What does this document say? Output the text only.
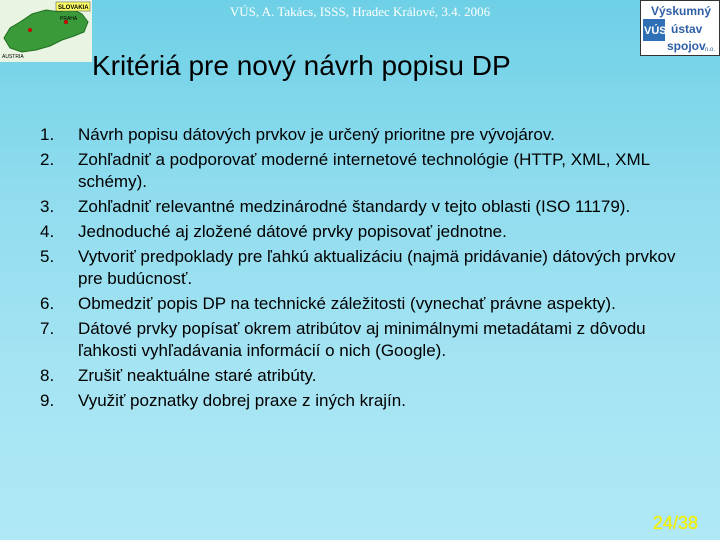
VÚS, A. Takács, ISSS, Hradec Králové, 3.4. 2006
SLOVAKIA
PRAHA
AUSTRIA
VÚS
Výskumný
ústav
spojov n.o.
Kritériá pre nový návrh popisu DP
1.	Návrh popisu dátových prvkov je určený prioritne pre vývojárov.
2.	Zohľadniť a podporovať moderné internetové technológie (HTTP, XML, XML schémy).
3.	Zohľadniť relevantné medzinárodné štandardy v tejto oblasti (ISO 11179).
4.	Jednoduché aj zložené dátové prvky popisovať jednotne.
5.	Vytvoriť predpoklady pre ľahkú aktualizáciu (najmä pridávanie) dátových prvkov pre budúcnosť.
6.	Obmedziť popis DP na technické záležitosti (vynechať právne aspekty).
7.	Dátové prvky popísať okrem atribútov aj minimálnymi metadátami z dôvodu ľahkosti vyhľadávania informácií o nich (Google).
8.	Zrušiť neaktuálne staré atribúty.
9.	Využiť poznatky dobrej praxe z iných krajín.
24/38
